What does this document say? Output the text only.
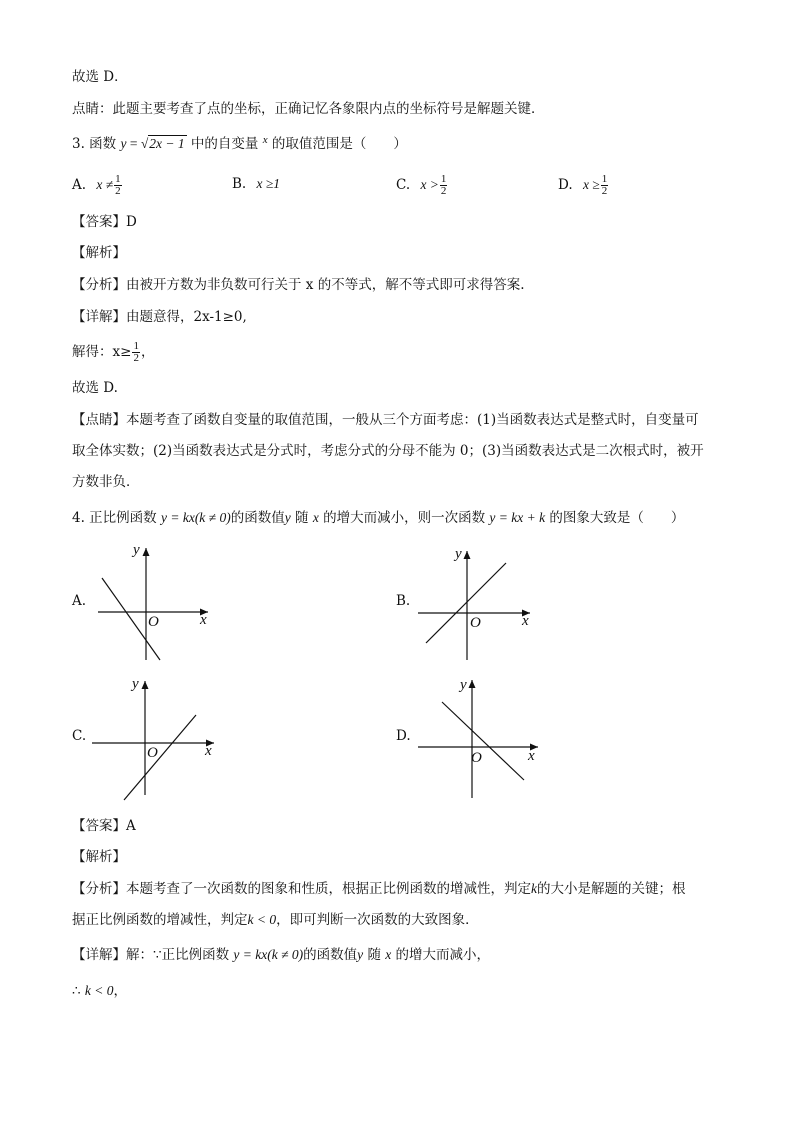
故选 D．
点睛：此题主要考查了点的坐标，正确记忆各象限内点的坐标符号是解题关键．
3. 函数 y = √2x − 1 中的自变量 $^x$ 的取值范围是（　　）
A. $x \ne \frac{1}{2}$	B. x ≥1	C. $x > \frac{1}{2}$	D. $x \ge \frac{1}{2}$
【答案】D
【解析】
【分析】由被开方数为非负数可行关于 x 的不等式，解不等式即可求得答案.
【详解】由题意得，2x-1≥0,
解得：$x\ge \frac{1}{2}$ ，
故选 D.
【点睛】本题考查了函数自变量的取值范围，一般从三个方面考虑：(1)当函数表达式是整式时，自变量可
取全体实数；(2)当函数表达式是分式时，考虑分式的分母不能为 0；(3)当函数表达式是二次根式时，被开
方数非负．
4. 正比例函数 y = kx(k ≠ 0)的函数值y 随 x 的增大而减小，则一次函数 y = kx + k 的图象大致是（　　）
A.
x
y
O
B.
x
y
O
C.
x
y
O
D.
x
y
O
【答案】A
【解析】
【分析】本题考查了一次函数的图象和性质，根据正比例函数的增减性，判定k的大小是解题的关键；根
据正比例函数的增减性，判定k < 0，即可判断一次函数的大致图象．
【详解】解：∵正比例函数 y = kx(k ≠ 0)的函数值y 随 x 的增大而减小，
∴ k < 0，
